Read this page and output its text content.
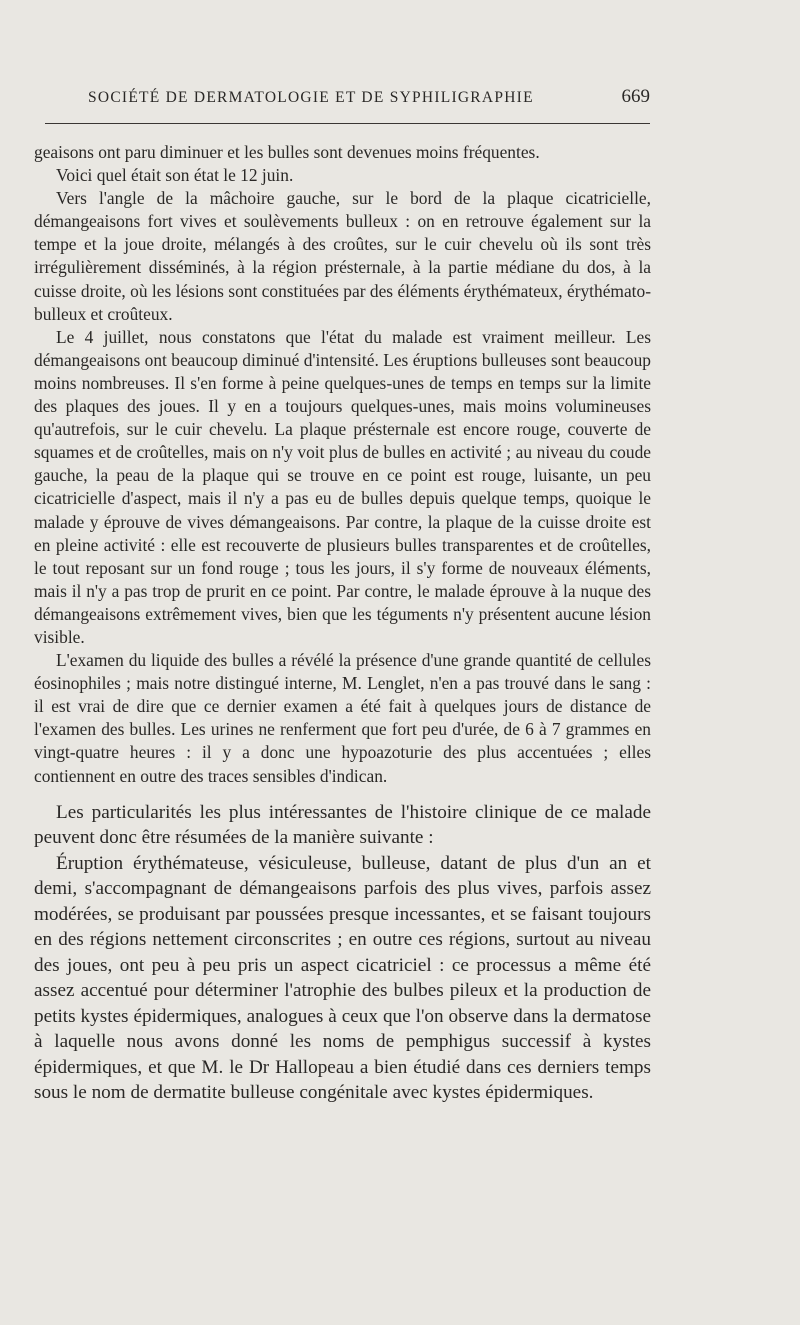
SOCIÉTÉ DE DERMATOLOGIE ET DE SYPHILIGRAPHIE	669

geaisons ont paru diminuer et les bulles sont devenues moins fréquentes.

Voici quel était son état le 12 juin.

Vers l'angle de la mâchoire gauche, sur le bord de la plaque cicatricielle, démangeaisons fort vives et soulèvements bulleux : on en retrouve également sur la tempe et la joue droite, mélangés à des croûtes, sur le cuir chevelu où ils sont très irrégulièrement disséminés, à la région présternale, à la partie médiane du dos, à la cuisse droite, où les lésions sont constituées par des éléments érythémateux, érythémato-bulleux et croûteux.

Le 4 juillet, nous constatons que l'état du malade est vraiment meilleur. Les démangeaisons ont beaucoup diminué d'intensité. Les éruptions bulleuses sont beaucoup moins nombreuses. Il s'en forme à peine quelques-unes de temps en temps sur la limite des plaques des joues. Il y en a toujours quelques-unes, mais moins volumineuses qu'autrefois, sur le cuir chevelu. La plaque présternale est encore rouge, couverte de squames et de croûtelles, mais on n'y voit plus de bulles en activité ; au niveau du coude gauche, la peau de la plaque qui se trouve en ce point est rouge, luisante, un peu cicatricielle d'aspect, mais il n'y a pas eu de bulles depuis quelque temps, quoique le malade y éprouve de vives démangeaisons. Par contre, la plaque de la cuisse droite est en pleine activité : elle est recouverte de plusieurs bulles transparentes et de croûtelles, le tout reposant sur un fond rouge ; tous les jours, il s'y forme de nouveaux éléments, mais il n'y a pas trop de prurit en ce point. Par contre, le malade éprouve à la nuque des démangeaisons extrêmement vives, bien que les téguments n'y présentent aucune lésion visible.

L'examen du liquide des bulles a révélé la présence d'une grande quantité de cellules éosinophiles ; mais notre distingué interne, M. Lenglet, n'en a pas trouvé dans le sang : il est vrai de dire que ce dernier examen a été fait à quelques jours de distance de l'examen des bulles. Les urines ne renferment que fort peu d'urée, de 6 à 7 grammes en vingt-quatre heures : il y a donc une hypoazoturie des plus accentuées ; elles contiennent en outre des traces sensibles d'indican.

Les particularités les plus intéressantes de l'histoire clinique de ce malade peuvent donc être résumées de la manière suivante :

Éruption érythémateuse, vésiculeuse, bulleuse, datant de plus d'un an et demi, s'accompagnant de démangeaisons parfois des plus vives, parfois assez modérées, se produisant par poussées presque incessantes, et se faisant toujours en des régions nettement circonscrites ; en outre ces régions, surtout au niveau des joues, ont peu à peu pris un aspect cicatriciel : ce processus a même été assez accentué pour déterminer l'atrophie des bulbes pileux et la production de petits kystes épidermiques, analogues à ceux que l'on observe dans la dermatose à laquelle nous avons donné les noms de pemphigus successif à kystes épidermiques, et que M. le Dr Hallopeau a bien étudié dans ces derniers temps sous le nom de dermatite bulleuse congénitale avec kystes épidermiques.
